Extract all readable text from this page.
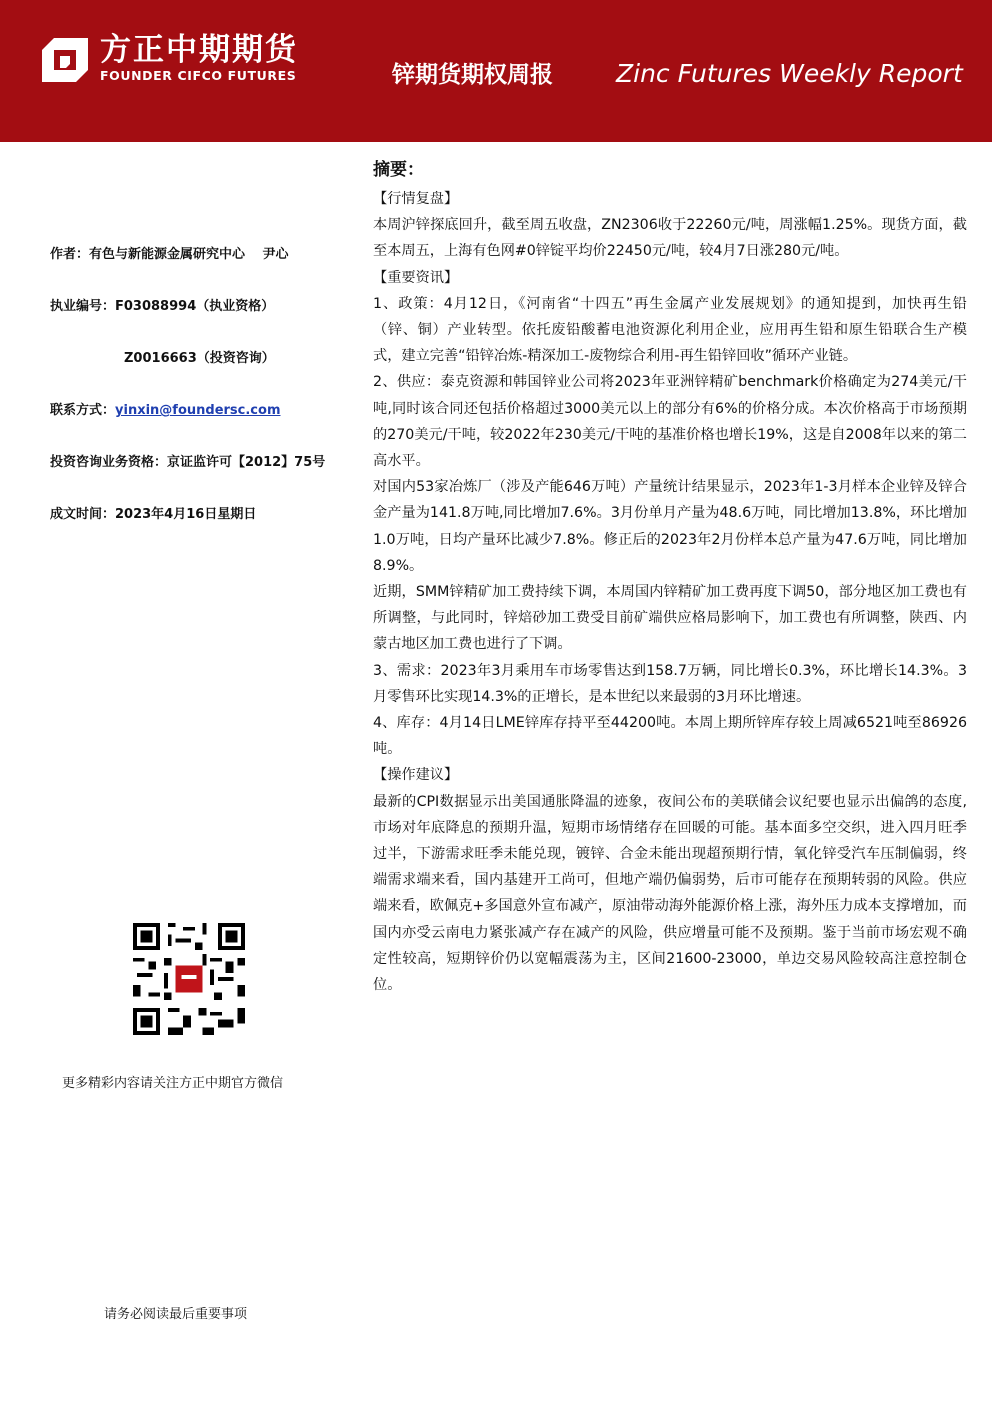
方正中期期货
FOUNDER CIFCO FUTURES	锌期货期权周报	Zinc Futures Weekly Report
作者：有色与新能源金属研究中心　 尹心
执业编号：F03088994（执业资格）
Z0016663（投资咨询）
联系方式：yinxin@foundersc.com
投资咨询业务资格：京证监许可【2012】75号
成文时间：2023年4月16日星期日
更多精彩内容请关注方正中期官方微信
请务必阅读最后重要事项
摘要：

【行情复盘】

本周沪锌探底回升，截至周五收盘，ZN2306收于22260元/吨，周涨幅1.25%。现货方面，截至本周五，上海有色网#0锌锭平均价22450元/吨，较4月7日涨280元/吨。

【重要资讯】

1、政策：4月12日，《河南省“十四五”再生金属产业发展规划》的通知提到，加快再生铅（锌、铜）产业转型。依托废铅酸蓄电池资源化利用企业，应用再生铅和原生铅联合生产模式，建立完善“铅锌冶炼-精深加工-废物综合利用-再生铅锌回收”循环产业链。

2、供应：泰克资源和韩国锌业公司将2023年亚洲锌精矿benchmark价格确定为274美元/干吨,同时该合同还包括价格超过3000美元以上的部分有6%的价格分成。本次价格高于市场预期的270美元/干吨，较2022年230美元/干吨的基准价格也增长19%，这是自2008年以来的第二高水平。

对国内53家冶炼厂（涉及产能646万吨）产量统计结果显示，2023年1-3月样本企业锌及锌合金产量为141.8万吨,同比增加7.6%。3月份单月产量为48.6万吨，同比增加13.8%，环比增加1.0万吨，日均产量环比减少7.8%。修正后的2023年2月份样本总产量为47.6万吨，同比增加8.9%。

近期，SMM锌精矿加工费持续下调，本周国内锌精矿加工费再度下调50，部分地区加工费也有所调整，与此同时，锌焙砂加工费受目前矿端供应格局影响下，加工费也有所调整，陕西、内蒙古地区加工费也进行了下调。

3、需求：2023年3月乘用车市场零售达到158.7万辆，同比增长0.3%，环比增长14.3%。3月零售环比实现14.3%的正增长，是本世纪以来最弱的3月环比增速。

4、库存：4月14日LME锌库存持平至44200吨。本周上期所锌库存较上周减6521吨至86926吨。

【操作建议】

最新的CPI数据显示出美国通胀降温的迹象，夜间公布的美联储会议纪要也显示出偏鸽的态度,市场对年底降息的预期升温，短期市场情绪存在回暖的可能。基本面多空交织，进入四月旺季过半，下游需求旺季未能兑现，镀锌、合金未能出现超预期行情，氧化锌受汽车压制偏弱，终端需求端来看，国内基建开工尚可，但地产端仍偏弱势，后市可能存在预期转弱的风险。供应端来看，欧佩克+多国意外宣布减产，原油带动海外能源价格上涨，海外压力成本支撑增加，而国内亦受云南电力紧张减产存在减产的风险，供应增量可能不及预期。鉴于当前市场宏观不确定性较高，短期锌价仍以宽幅震荡为主，区间21600-23000，单边交易风险较高注意控制仓位。
